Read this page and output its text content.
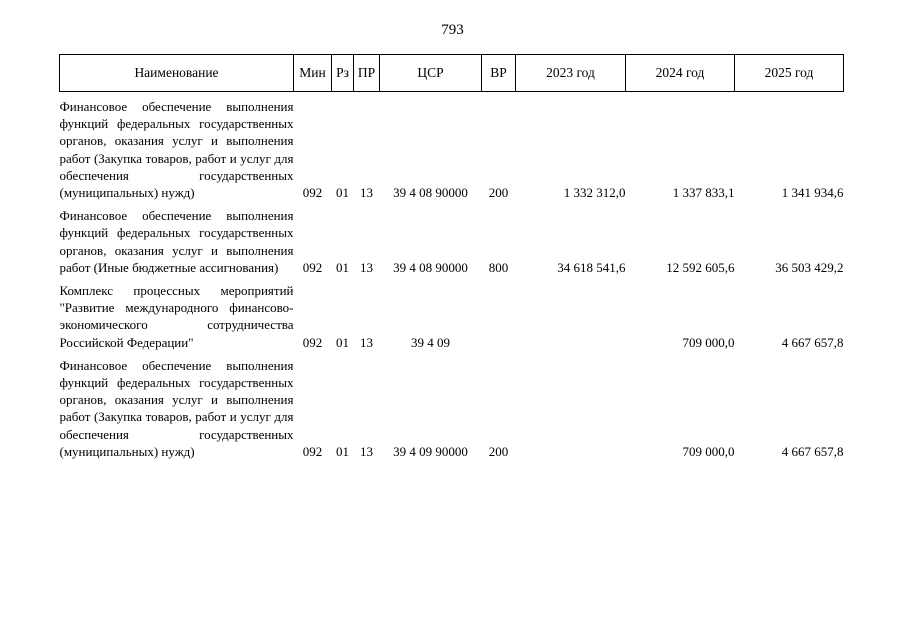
793
Наименование	Мин	Рз	ПР	ЦСР	ВР	2023 год	2024 год	2025 год
Финансовое обеспечение выполнения функций федеральных государственных органов, оказания услуг и выполнения работ (Закупка товаров, работ и услуг для обеспечения государственных (муниципальных) нужд)	092	01	13	39 4 08 90000	200	1 332 312,0	1 337 833,1	1 341 934,6
Финансовое обеспечение выполнения функций федеральных государственных органов, оказания услуг и выполнения работ (Иные бюджетные ассигнования)	092	01	13	39 4 08 90000	800	34 618 541,6	12 592 605,6	36 503 429,2
Комплекс процессных мероприятий "Развитие международного финансово-экономического сотрудничества Российской Федерации"	092	01	13	39 4 09			709 000,0	4 667 657,8
Финансовое обеспечение выполнения функций федеральных государственных органов, оказания услуг и выполнения работ (Закупка товаров, работ и услуг для обеспечения государственных (муниципальных) нужд)	092	01	13	39 4 09 90000	200		709 000,0	4 667 657,8
